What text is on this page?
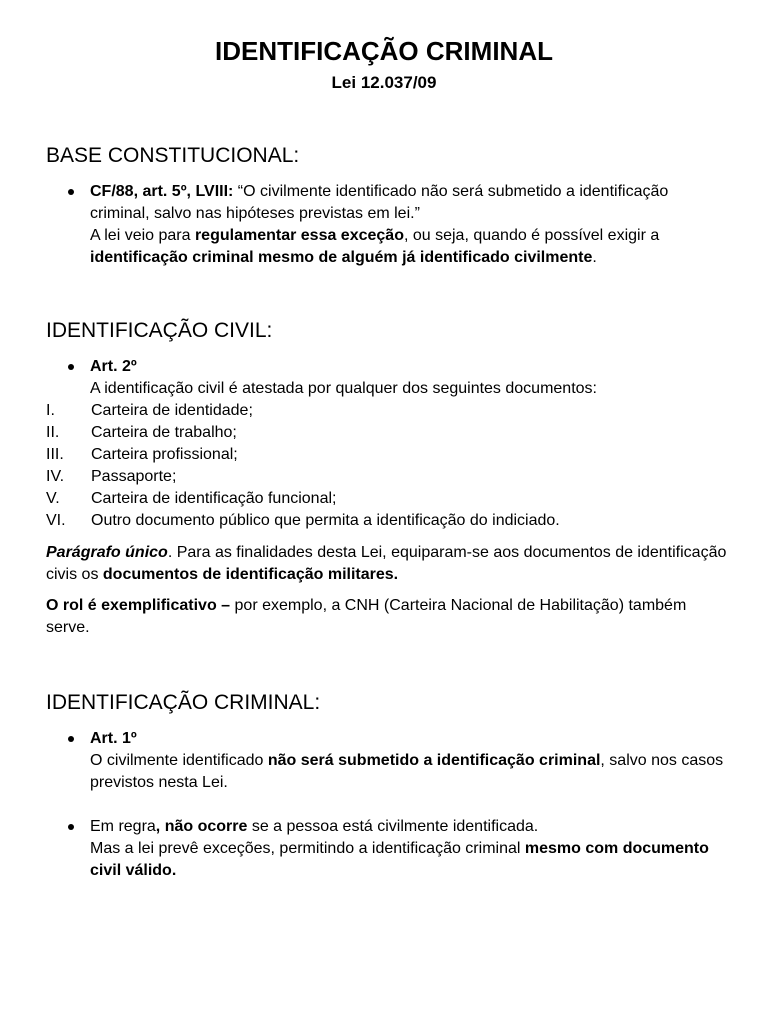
IDENTIFICAÇÃO CRIMINAL
Lei 12.037/09
BASE CONSTITUCIONAL:
CF/88, art. 5º, LVIII: “O civilmente identificado não será submetido a identificação criminal, salvo nas hipóteses previstas em lei.”
A lei veio para regulamentar essa exceção, ou seja, quando é possível exigir a identificação criminal mesmo de alguém já identificado civilmente.
IDENTIFICAÇÃO CIVIL:
Art. 2º
A identificação civil é atestada por qualquer dos seguintes documentos:
I.	Carteira de identidade;
II.	Carteira de trabalho;
III.	Carteira profissional;
IV.	Passaporte;
V.	Carteira de identificação funcional;
VI.	Outro documento público que permita a identificação do indiciado.

Parágrafo único. Para as finalidades desta Lei, equiparam-se aos documentos de identificação civis os documentos de identificação militares.

O rol é exemplificativo – por exemplo, a CNH (Carteira Nacional de Habilitação) também serve.

IDENTIFICAÇÃO CRIMINAL:
Art. 1º
O civilmente identificado não será submetido a identificação criminal, salvo nos casos previstos nesta Lei.
Em regra, não ocorre se a pessoa está civilmente identificada.
Mas a lei prevê exceções, permitindo a identificação criminal mesmo com documento civil válido.
